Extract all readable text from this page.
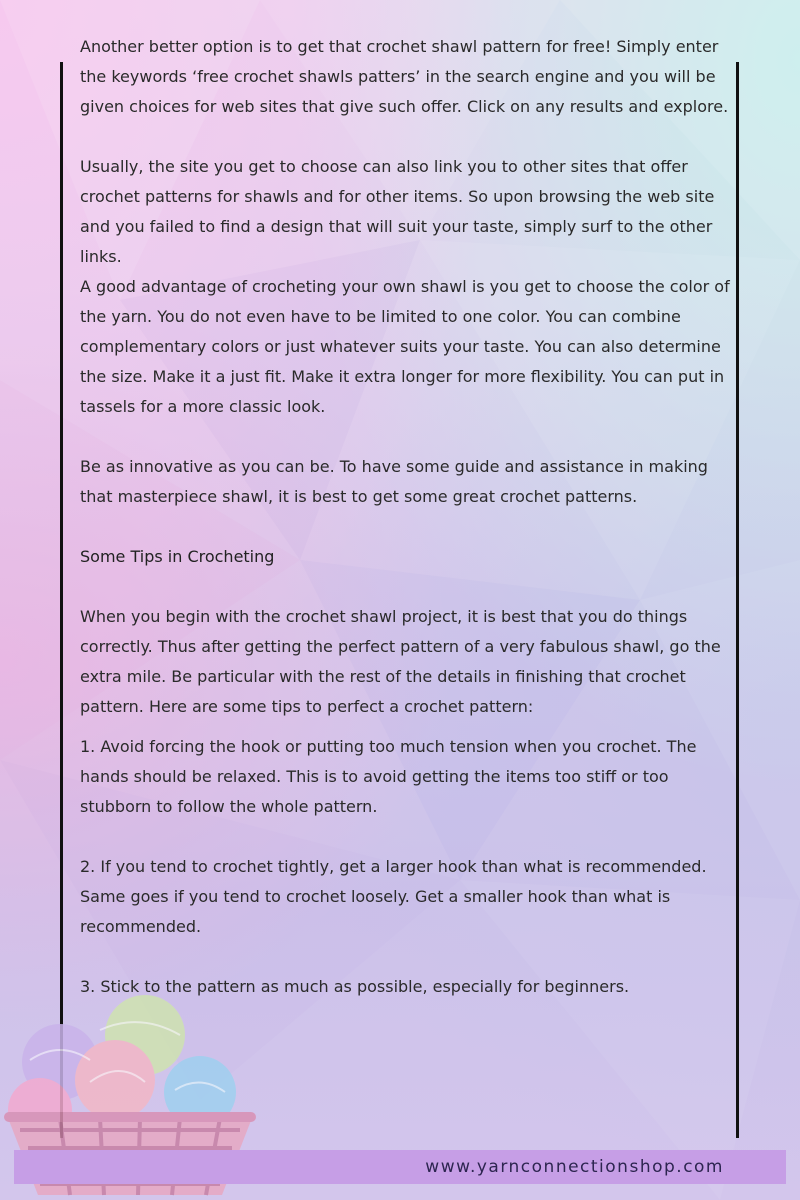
Another better option is to get that crochet shawl pattern for free! Simply enter the keywords ‘free crochet shawls patters’ in the search engine and you will be given choices for web sites that give such offer. Click on any results and explore.

Usually, the site you get to choose can also link you to other sites that offer crochet patterns for shawls and for other items. So upon browsing the web site and you failed to find a design that will suit your taste, simply surf to the other links.

A good advantage of crocheting your own shawl is you get to choose the color of the yarn. You do not even have to be limited to one color. You can combine complementary colors or just whatever suits your taste. You can also determine the size. Make it a just fit. Make it extra longer for more flexibility. You can put in tassels for a more classic look.

Be as innovative as you can be. To have some guide and assistance in making that masterpiece shawl, it is best to get some great crochet patterns.

Some Tips in Crocheting

When you begin with the crochet shawl project, it is best that you do things correctly. Thus after getting the perfect pattern of a very fabulous shawl, go the extra mile. Be particular with the rest of the details in finishing that crochet pattern. Here are some tips to perfect a crochet pattern:

1. Avoid forcing the hook or putting too much tension when you crochet. The hands should be relaxed. This is to avoid getting the items too stiff or too stubborn to follow the whole pattern.

2. If you tend to crochet tightly, get a larger hook than what is recommended. Same goes if you tend to crochet loosely. Get a smaller hook than what is recommended.

3. Stick to the pattern as much as possible, especially for beginners.

www.yarnconnectionshop.com
